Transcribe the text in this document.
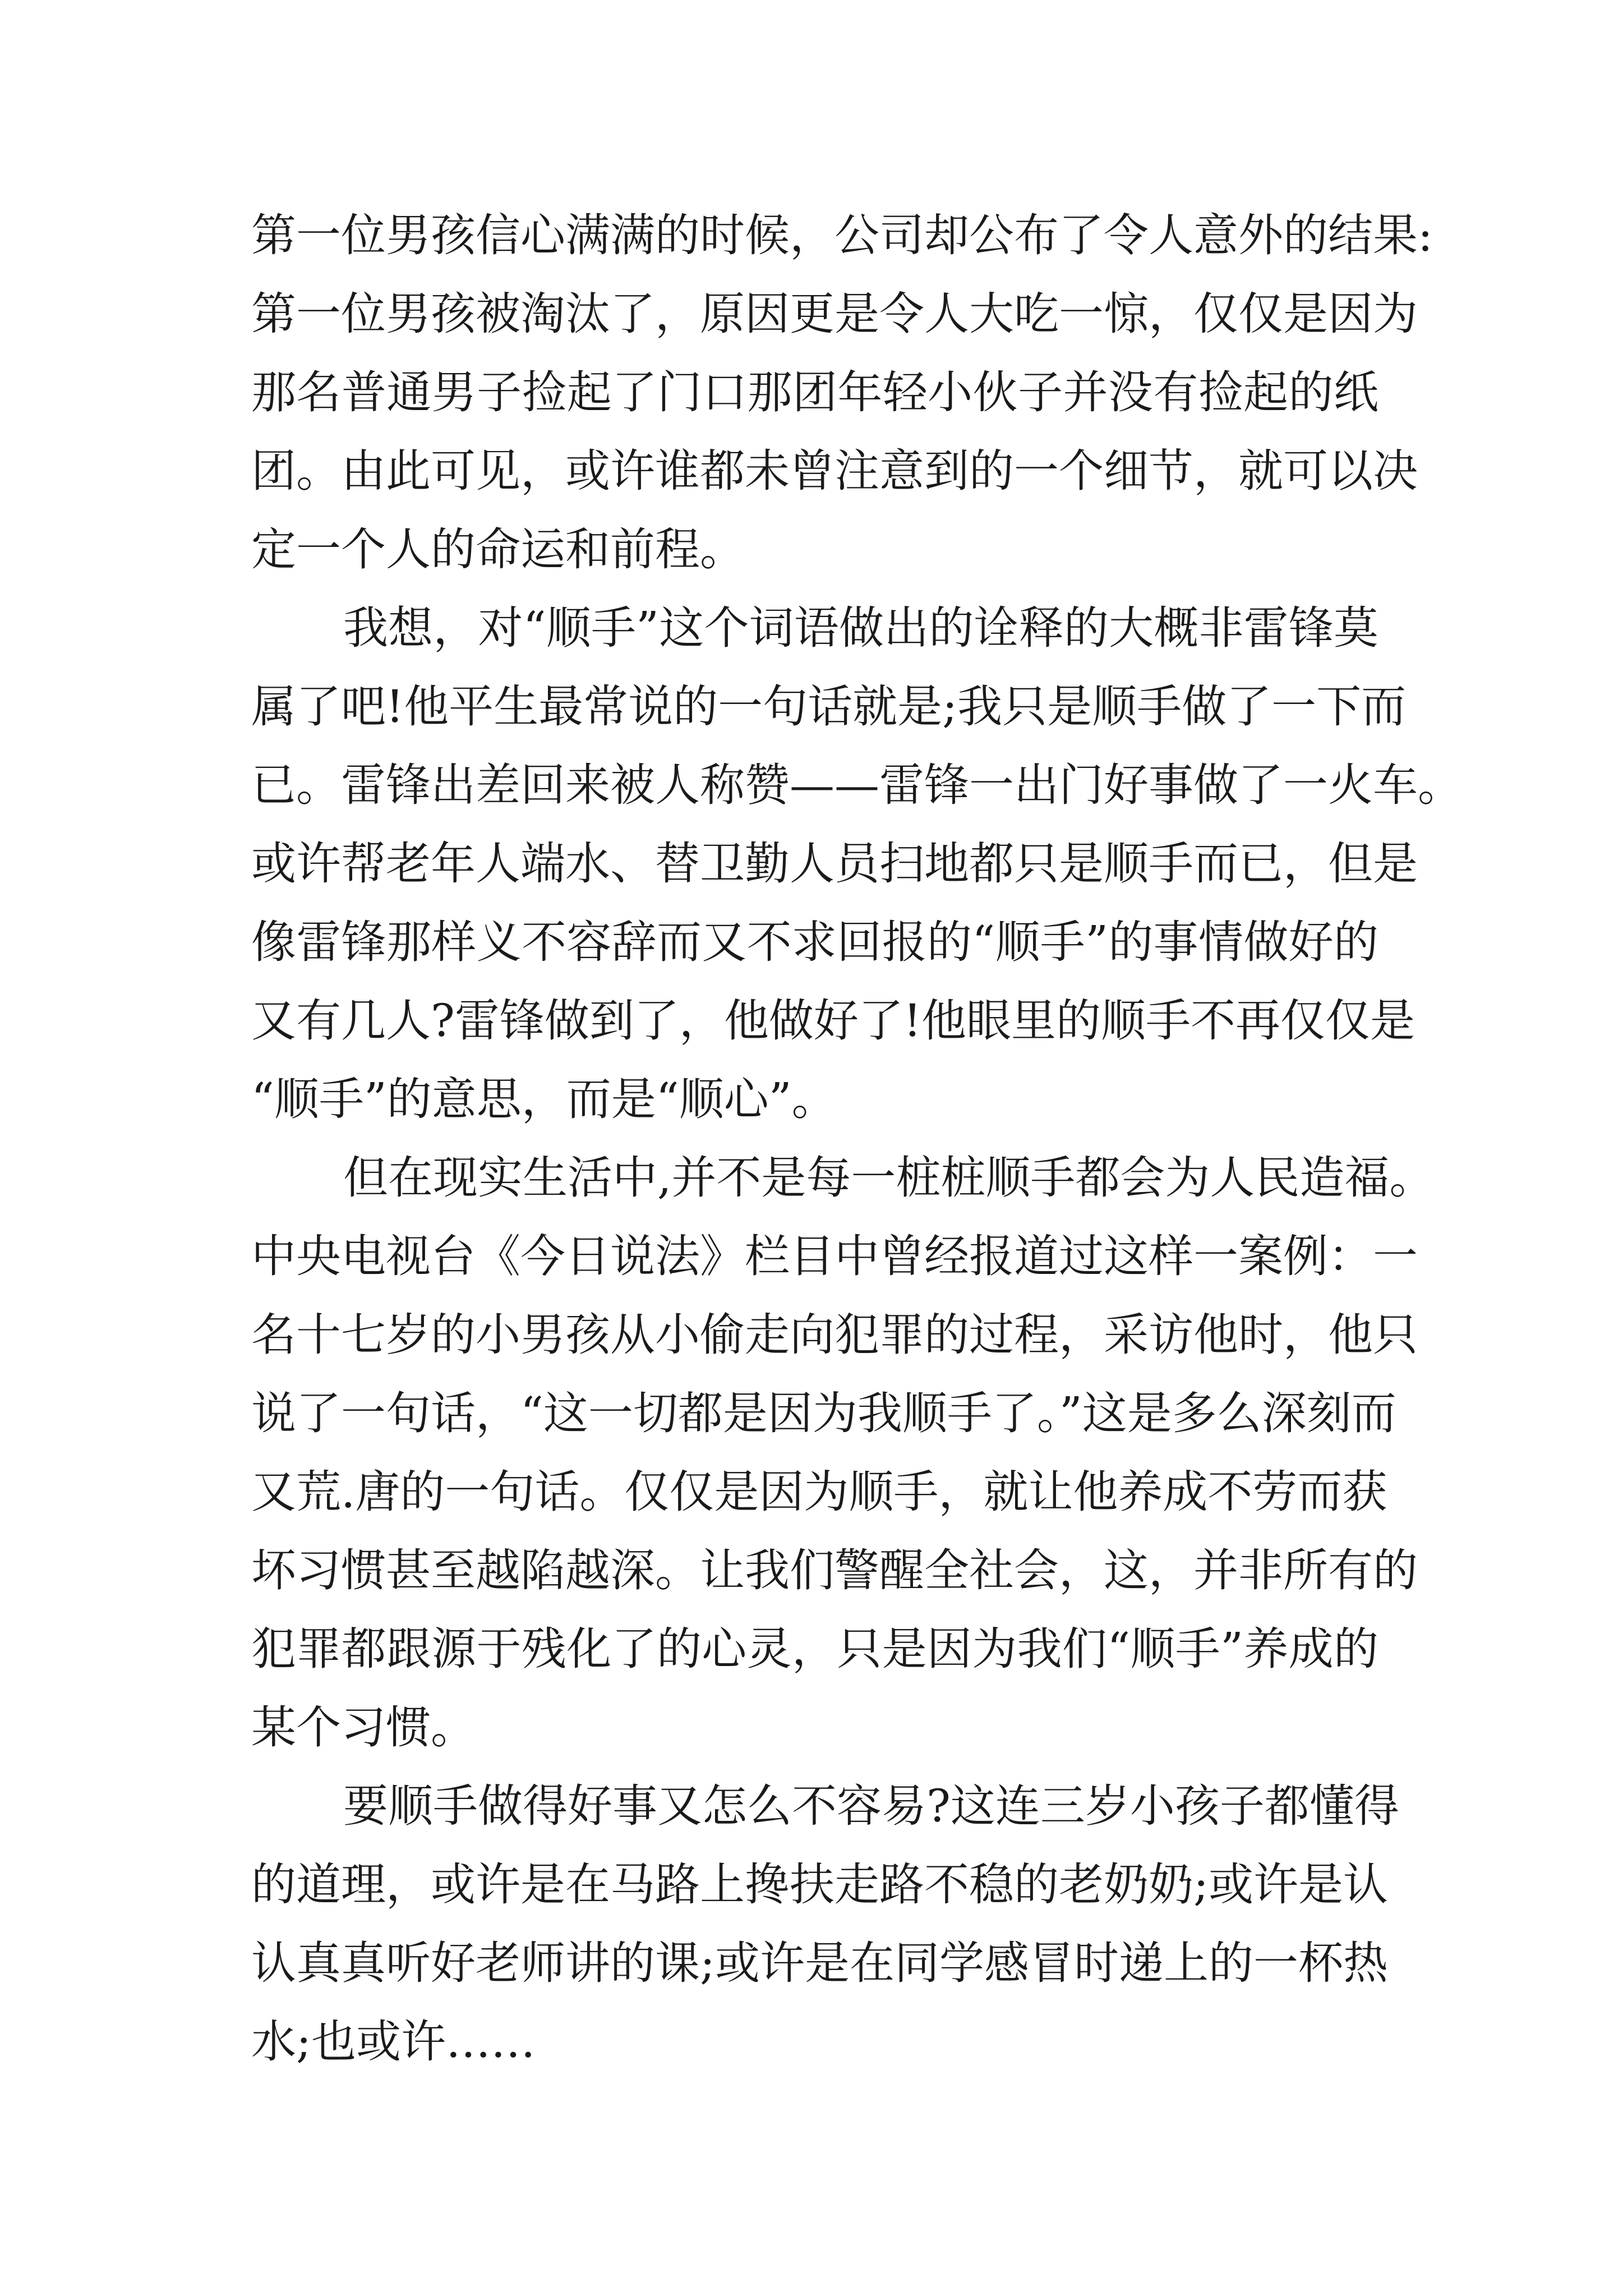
第一位男孩信心满满的时候，公司却公布了令人意外的结果:
第一位男孩被淘汰了，原因更是令人大吃一惊，仅仅是因为
那名普通男子捡起了门口那团年轻小伙子并没有捡起的纸
团。由此可见，或许谁都未曾注意到的一个细节，就可以决
定一个人的命运和前程。
我想，对“顺手”这个词语做出的诠释的大概非雷锋莫
属了吧!他平生最常说的一句话就是;我只是顺手做了一下而
已。雷锋出差回来被人称赞——雷锋一出门好事做了一火车。
或许帮老年人端水、替卫勤人员扫地都只是顺手而已，但是
像雷锋那样义不容辞而又不求回报的“顺手”的事情做好的
又有几人?雷锋做到了，他做好了!他眼里的顺手不再仅仅是
“顺手”的意思，而是“顺心”。
但在现实生活中,并不是每一桩桩顺手都会为人民造福。
中央电视台《今日说法》栏目中曾经报道过这样一案例：一
名十七岁的小男孩从小偷走向犯罪的过程，采访他时，他只
说了一句话，“这一切都是因为我顺手了。”这是多么深刻而
又荒.唐的一句话。仅仅是因为顺手，就让他养成不劳而获
坏习惯甚至越陷越深。让我们警醒全社会，这，并非所有的
犯罪都跟源于残化了的心灵，只是因为我们“顺手”养成的
某个习惯。
要顺手做得好事又怎么不容易?这连三岁小孩子都懂得
的道理，或许是在马路上搀扶走路不稳的老奶奶;或许是认
认真真听好老师讲的课;或许是在同学感冒时递上的一杯热
水;也或许……
